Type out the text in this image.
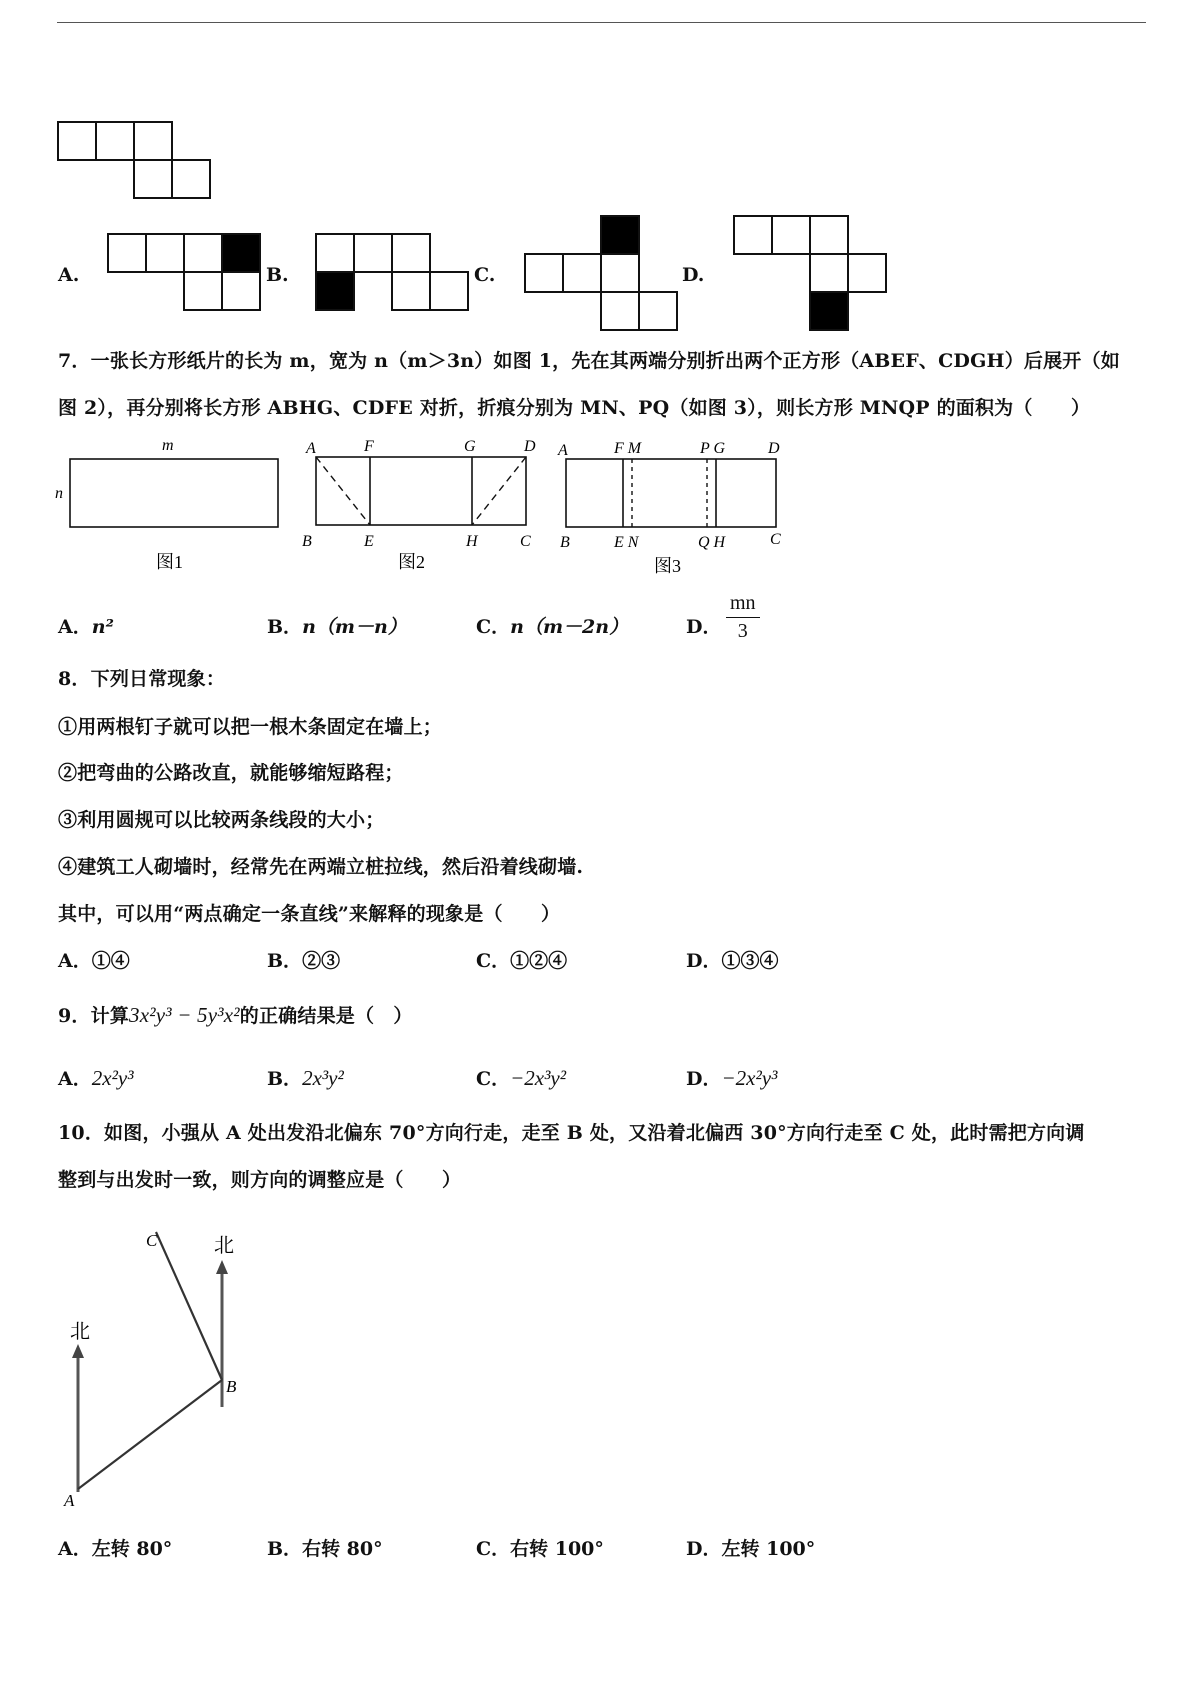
A.	B.	C.	D.
7．一张长方形纸片的长为 m，宽为 n（m＞3n）如图 1，先在其两端分别折出两个正方形（ABEF、CDGH）后展开（如
图 2），再分别将长方形 ABHG、CDFE 对折，折痕分别为 MN、PQ（如图 3），则长方形 MNQP 的面积为（　　）
m
n
图1
A	F	G	D
B	E	H	C
图2
A	F M	P G	D
B	E N	Q H	C
图3
A．n²	B．n（m－n）	C．n（m－2n）	D． $\frac{mn}{3}$
8．下列日常现象：
①用两根钉子就可以把一根木条固定在墙上；
②把弯曲的公路改直，就能够缩短路程；
③利用圆规可以比较两条线段的大小；
④建筑工人砌墙时，经常先在两端立桩拉线，然后沿着线砌墙.
其中，可以用“两点确定一条直线”来解释的现象是（　　）
A．①④	B．②③	C．①②④	D．①③④
9．计算3x²y³ − 5y³x²的正确结果是（　）
A．2x²y³	B．2x³y²	C．−2x³y²	D．−2x²y³
10．如图，小强从 A 处出发沿北偏东 70°方向行走，走至 B 处，又沿着北偏西 30°方向行走至 C 处，此时需把方向调
整到与出发时一致，则方向的调整应是（　　）
北
北
A
B
C
A．左转 80°	B．右转 80°	C．右转 100°	D．左转 100°
